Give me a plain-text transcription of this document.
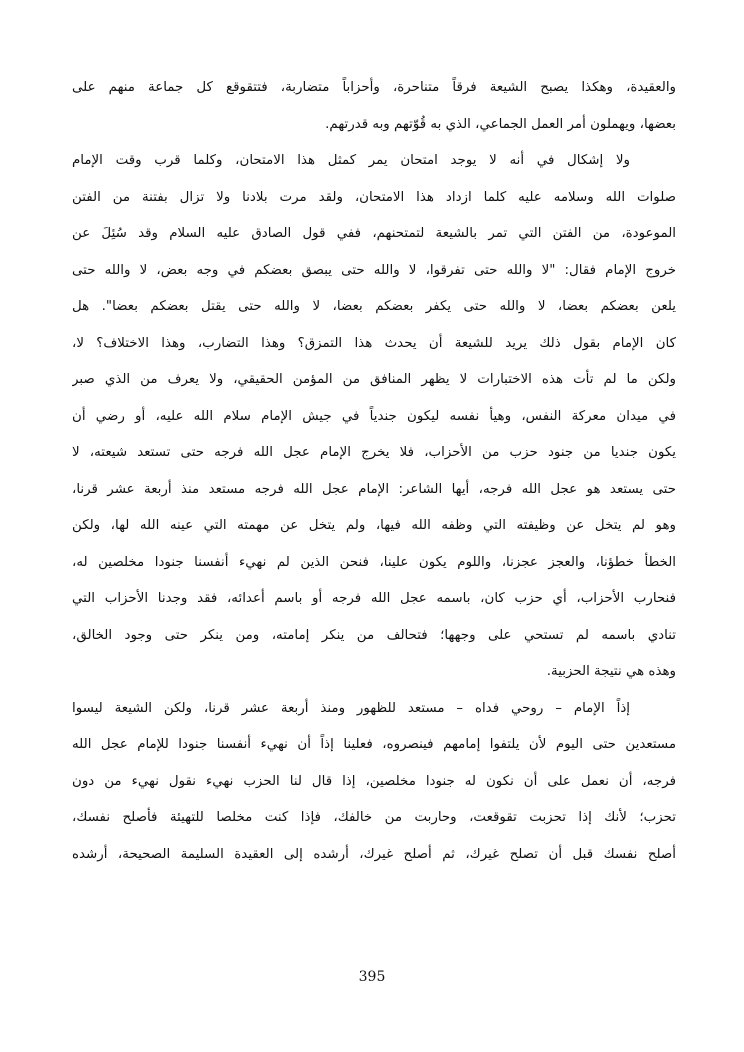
والعقيدة، وهكذا يصبح الشيعة فرقاً متناحرة، وأحزاباً متضاربة، فتتقوقع كل جماعة منهم على
بعضها، ويهملون أمر العمل الجماعي، الذي به قُوّتهم وبه قدرتهم.
ولا إشكال في أنه لا يوجد امتحان يمر كمثل هذا الامتحان، وكلما قرب وقت الإمام
صلوات الله وسلامه عليه كلما ازداد هذا الامتحان، ولقد مرت بلادنا ولا تزال بفتنة من الفتن
الموعودة، من الفتن التي تمر بالشيعة لتمتحنهم، ففي قول الصادق عليه السلام وقد سُئِلَ عن
خروج الإمام فقال: "لا والله حتى تفرقوا، لا والله حتى يبصق بعضكم في وجه بعض، لا والله حتى
يلعن بعضكم بعضا، لا والله حتى يكفر بعضكم بعضا، لا والله حتى يقتل بعضكم بعضا". هل
كان الإمام بقول ذلك يريد للشيعة أن يحدث هذا التمزق؟ وهذا التضارب، وهذا الاختلاف؟ لا،
ولكن ما لم تأت هذه الاختبارات لا يظهر المنافق من المؤمن الحقيقي، ولا يعرف من الذي صبر
في ميدان معركة النفس، وهيأ نفسه ليكون جندياً في جيش الإمام سلام الله عليه، أو رضي أن
يكون جنديا من جنود حزب من الأحزاب، فلا يخرج الإمام عجل الله فرجه حتى تستعد شيعته، لا
حتى يستعد هو عجل الله فرجه، أيها الشاعر: الإمام عجل الله فرجه مستعد منذ أربعة عشر قرنا،
وهو لم يتخل عن وظيفته التي وظفه الله فيها، ولم يتخل عن مهمته التي عينه الله لها، ولكن
الخطأ خطؤنا، والعجز عجزنا، واللوم يكون علينا، فنحن الذين لم نهيء أنفسنا جنودا مخلصين له،
فنحارب الأحزاب، أي حزب كان، باسمه عجل الله فرجه أو باسم أعدائه، فقد وجدنا الأحزاب التي
تنادي باسمه لم تستحي على وجهها؛ فتحالف من ينكر إمامته، ومن ينكر حتى وجود الخالق،
وهذه هي نتيجة الحزبية.
إذاً الإمام – روحي فداه – مستعد للظهور ومنذ أربعة عشر قرنا، ولكن الشيعة ليسوا
مستعدين حتى اليوم لأن يلتفوا إمامهم فينصروه، فعلينا إذاً أن نهيء أنفسنا جنودا للإمام عجل الله
فرجه، أن نعمل على أن نكون له جنودا مخلصين، إذا قال لنا الحزب نهيء نقول نهيء من دون
تحزب؛ لأنك إذا تحزبت تقوقعت، وحاربت من خالفك، فإذا كنت مخلصا للتهيئة فأصلح نفسك،
أصلح نفسك قبل أن تصلح غيرك، ثم أصلح غيرك، أرشده إلى العقيدة السليمة الصحيحة، أرشده
395
